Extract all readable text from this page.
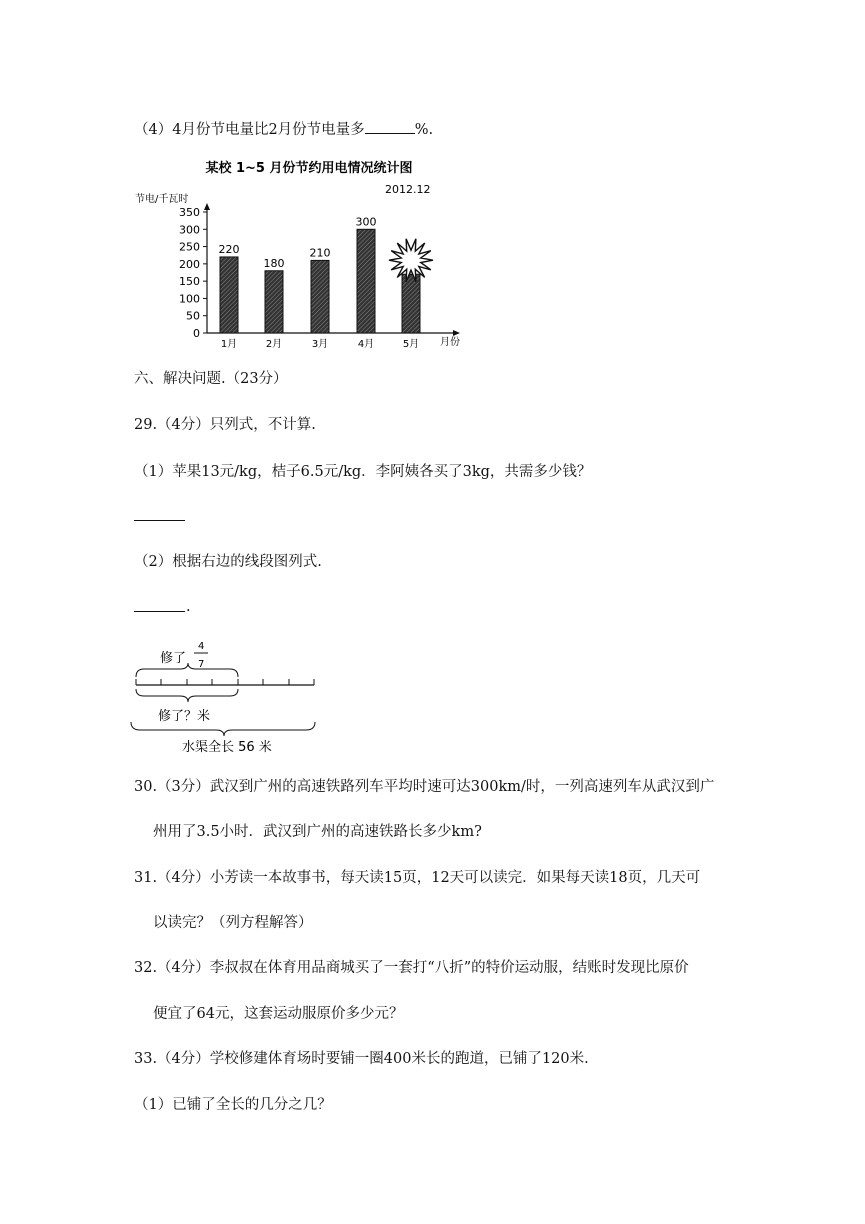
（4）4月份节电量比2月份节电量多	%.
某校 1~5 月份节约用电情况统计图
2012.12
节电/千瓦时
月份
0
50
100
150
200
250
300
350
1月
220
2月
180
3月
210
4月
300
5月
六、解决问题.（23分）
29.（4分）只列式，不计算.
（1）苹果13元/kg，桔子6.5元/kg．李阿姨各买了3kg，共需多少钱？
（2）根据右边的线段图列式.
.
修了
4
7
修了？米
水渠全长 56 米
30.（3分）武汉到广州的高速铁路列车平均时速可达300km/时，一列高速列车从武汉到广
州用了3.5小时．武汉到广州的高速铁路长多少km?
31.（4分）小芳读一本故事书，每天读15页，12天可以读完．如果每天读18页，几天可
以读完？（列方程解答）
32.（4分）李叔叔在体育用品商城买了一套打“八折”的特价运动服，结账时发现比原价
便宜了64元，这套运动服原价多少元？
33.（4分）学校修建体育场时要铺一圈400米长的跑道，已铺了120米.
（1）已铺了全长的几分之几？
